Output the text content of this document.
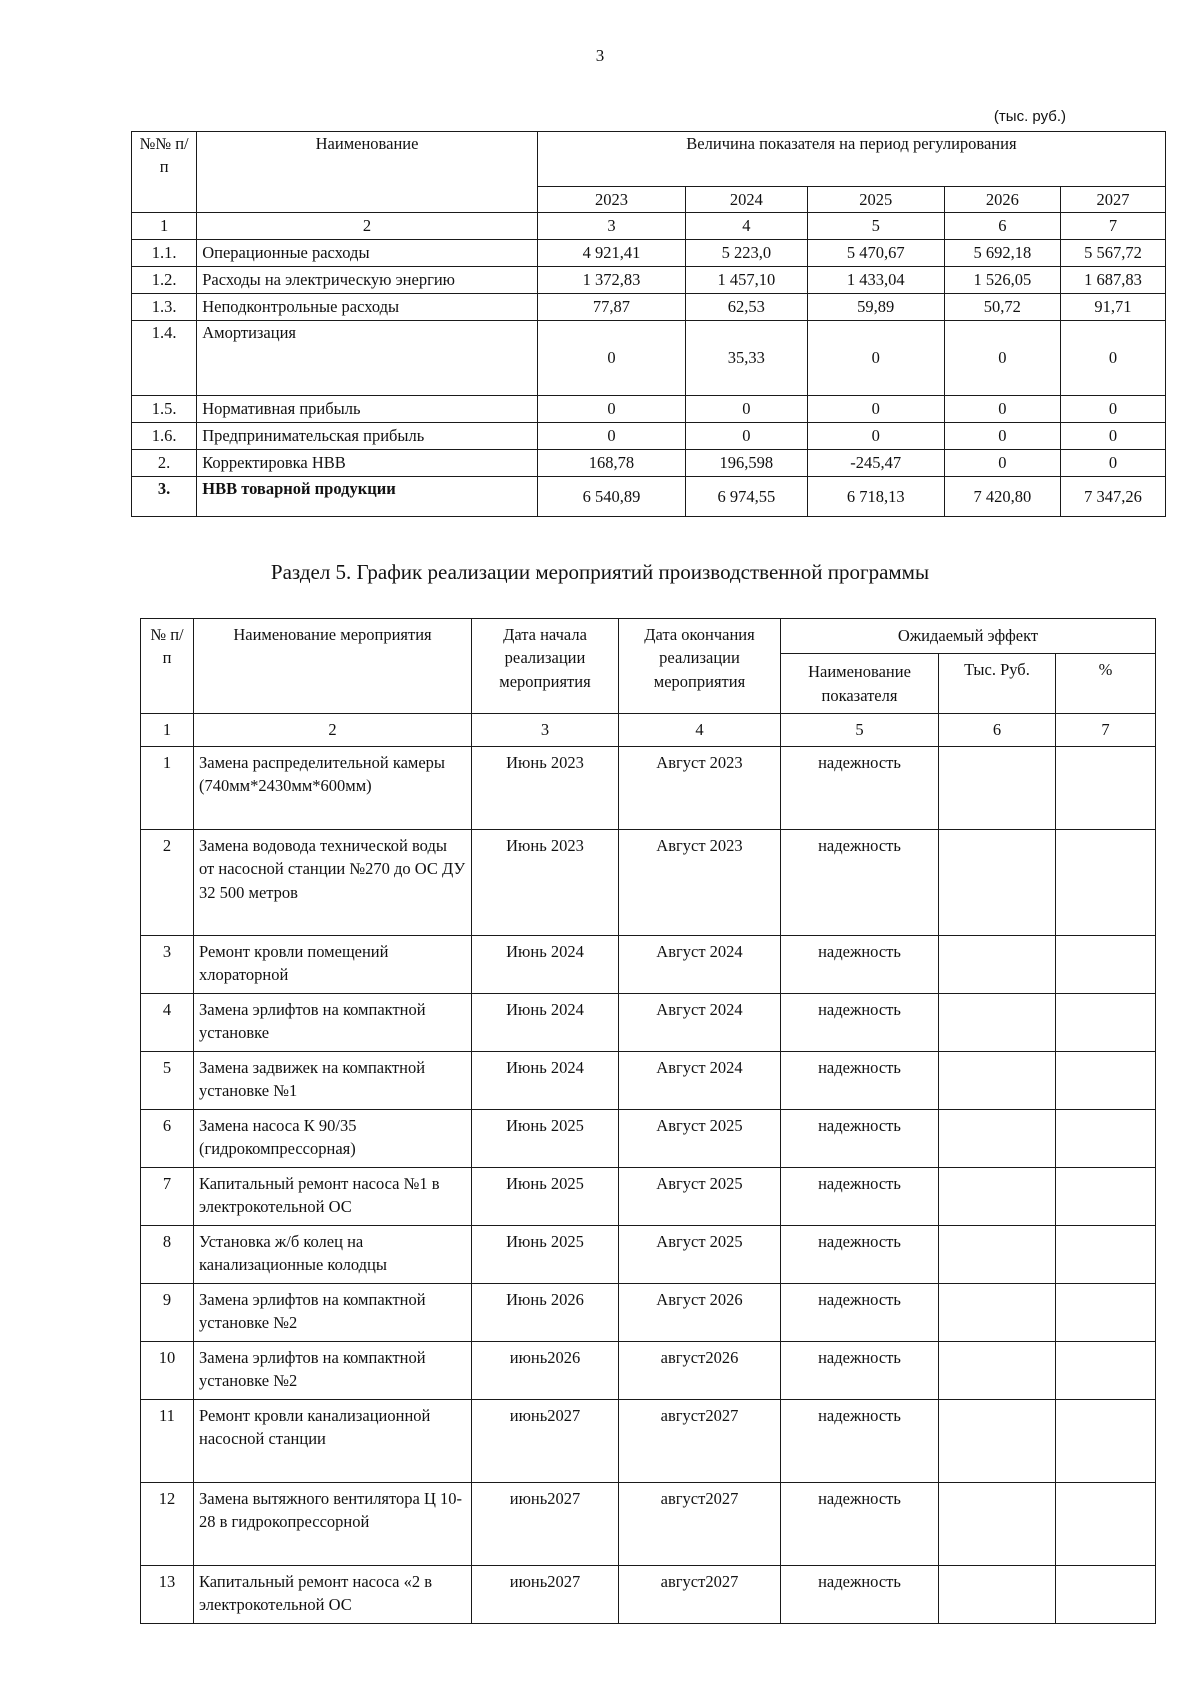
3
(тыс. руб.)
№№ п/п	Наименование	Величина показателя на период регулирования				
		2023	2024	2025	2026	2027
1	2	3	4	5	6	7
1.1.	Операционные расходы	4 921,41	5 223,0	5 470,67	5 692,18	5 567,72
1.2.	Расходы на электрическую энергию	1 372,83	1 457,10	1 433,04	1 526,05	1 687,83
1.3.	Неподконтрольные расходы	77,87	62,53	59,89	50,72	91,71
1.4.	Амортизация	0	35,33	0	0	0
1.5.	Нормативная прибыль	0	0	0	0	0
1.6.	Предпринимательская прибыль	0	0	0	0	0
2.	Корректировка НВВ	168,78	196,598	-245,47	0	0
3.	НВВ товарной продукции	6 540,89	6 974,55	6 718,13	7 420,80	7 347,26
Раздел 5. График реализации мероприятий производственной программы
№ п/п	Наименование мероприятия	Дата начала реализации мероприятия	Дата окончания реализации мероприятия	Ожидаемый эффект		
				Наименование показателя	Тыс. Руб.	%
1	2	3	4	5	6	7
1	Замена распределительной камеры (740мм*2430мм*600мм)	Июнь 2023	Август 2023	надежность		
2	Замена водовода технической воды от насосной станции №270 до ОС ДУ 32 500 метров	Июнь 2023	Август 2023	надежность		
3	Ремонт кровли помещений хлораторной	Июнь 2024	Август 2024	надежность		
4	Замена эрлифтов на компактной установке	Июнь 2024	Август 2024	надежность		
5	Замена задвижек на компактной установке №1	Июнь 2024	Август 2024	надежность		
6	Замена насоса К 90/35 (гидрокомпрессорная)	Июнь 2025	Август 2025	надежность		
7	Капитальный ремонт насоса №1 в электрокотельной ОС	Июнь 2025	Август 2025	надежность		
8	Установка ж/б колец на канализационные колодцы	Июнь 2025	Август 2025	надежность		
9	Замена эрлифтов на компактной установке №2	Июнь 2026	Август 2026	надежность		
10	Замена эрлифтов на компактной установке №2	июнь2026	август2026	надежность		
11	Ремонт кровли канализационной насосной станции	июнь2027	август2027	надежность		
12	Замена вытяжного вентилятора Ц 10-28 в гидрокопрессорной	июнь2027	август2027	надежность		
13	Капитальный ремонт насоса «2 в электрокотельной ОС	июнь2027	август2027	надежность		
